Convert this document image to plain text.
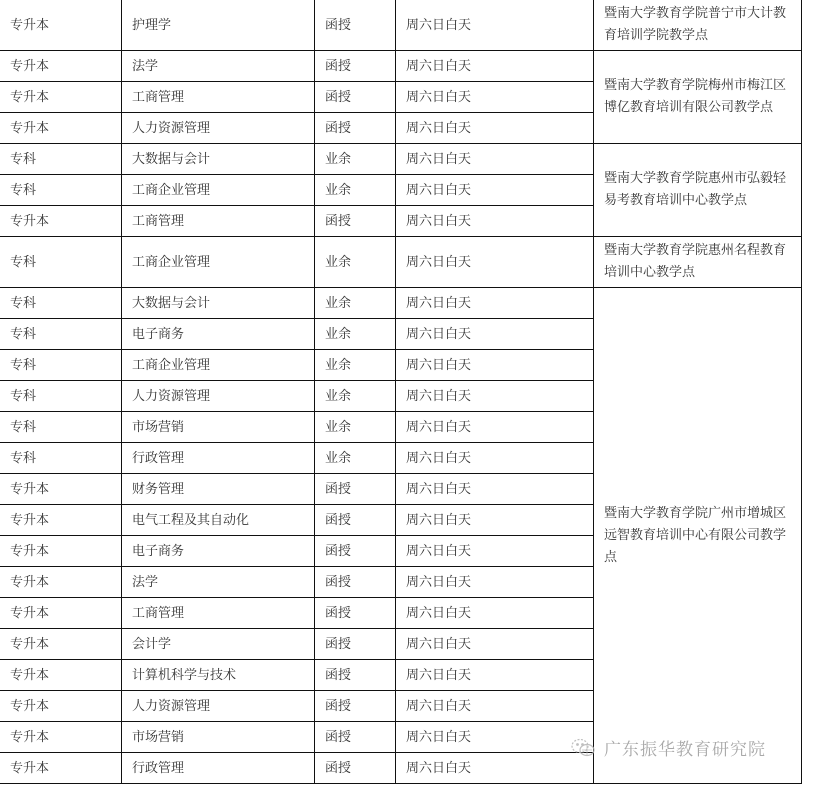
专升本	护理学	函授	周六日白天	暨南大学教育学院普宁市大计教育培训学院教学点
专升本	法学	函授	周六日白天	暨南大学教育学院梅州市梅江区博亿教育培训有限公司教学点
专升本	工商管理	函授	周六日白天	
专升本	人力资源管理	函授	周六日白天	
专科	大数据与会计	业余	周六日白天	暨南大学教育学院惠州市弘毅轻易考教育培训中心教学点
专科	工商企业管理	业余	周六日白天	
专升本	工商管理	函授	周六日白天	
专科	工商企业管理	业余	周六日白天	暨南大学教育学院惠州名程教育培训中心教学点
专科	大数据与会计	业余	周六日白天	暨南大学教育学院广州市增城区远智教育培训中心有限公司教学点
专科	电子商务	业余	周六日白天	
专科	工商企业管理	业余	周六日白天	
专科	人力资源管理	业余	周六日白天	
专科	市场营销	业余	周六日白天	
专科	行政管理	业余	周六日白天	
专升本	财务管理	函授	周六日白天	
专升本	电气工程及其自动化	函授	周六日白天	
专升本	电子商务	函授	周六日白天	
专升本	法学	函授	周六日白天	
专升本	工商管理	函授	周六日白天	
专升本	会计学	函授	周六日白天	
专升本	计算机科学与技术	函授	周六日白天	
专升本	人力资源管理	函授	周六日白天	
专升本	市场营销	函授	周六日白天	
专升本	行政管理	函授	周六日白天	
广东振华教育研究院
